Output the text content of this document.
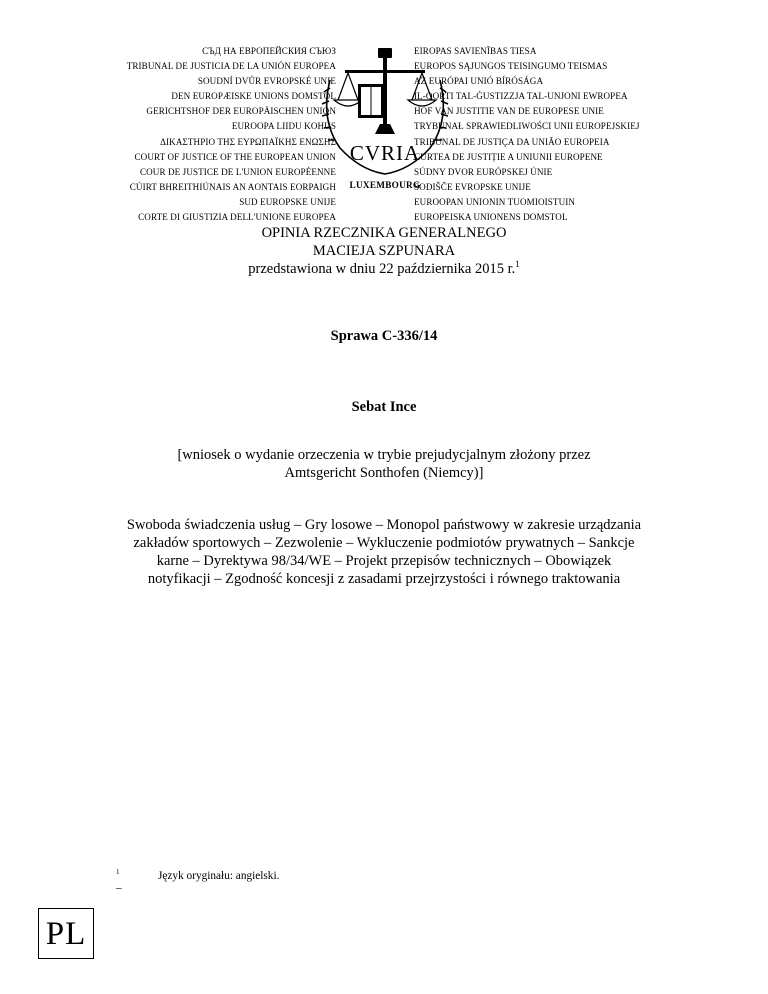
СЪД НА ЕВРОПЕЙСКИЯ СЪЮЗ
TRIBUNAL DE JUSTICIA DE LA UNIÓN EUROPEA
SOUDNÍ DVŮR EVROPSKÉ UNIE
DEN EUROPÆISKE UNIONS DOMSTOL
GERICHTSHOF DER EUROPÄISCHEN UNION
EUROOPA LIIDU KOHUS
ΔΙΚΑΣΤΗΡΙΟ ΤΗΣ ΕΥΡΩΠΑΪΚΗΣ ΕΝΩΣΗΣ
COURT OF JUSTICE OF THE EUROPEAN UNION
COUR DE JUSTICE DE L'UNION EUROPÉENNE
CÚIRT BHREITHIÚNAIS AN AONTAIS EORPAIGH
SUD EUROPSKE UNIJE
CORTE DI GIUSTIZIA DELL'UNIONE EUROPEA
CVRIA
LUXEMBOURG
EIROPAS SAVIENĪBAS TIESA
EUROPOS SĄJUNGOS TEISINGUMO TEISMAS
AZ EURÓPAI UNIÓ BÍRÓSÁGA
IL-QORTI TAL-ĠUSTIZZJA TAL-UNJONI EWROPEA
HOF VAN JUSTITIE VAN DE EUROPESE UNIE
TRYBUNAŁ SPRAWIEDLIWOŚCI UNII EUROPEJSKIEJ
TRIBUNAL DE JUSTIÇA DA UNIÃO EUROPEIA
CURTEA DE JUSTIȚIE A UNIUNII EUROPENE
SÚDNY DVOR EURÓPSKEJ ÚNIE
SODIŠČE EVROPSKE UNIJE
EUROOPAN UNIONIN TUOMIOISTUIN
EUROPEISKA UNIONENS DOMSTOL
OPINIA RZECZNIKA GENERALNEGO
MACIEJA SZPUNARA
przedstawiona w dniu 22 października 2015 r.$^1$
Sprawa C-336/14
Sebat Ince
[wniosek o wydanie orzeczenia w trybie prejudycjalnym złożony przez
Amtsgericht Sonthofen (Niemcy)]
Swoboda świadczenia usług – Gry losowe – Monopol państwowy w zakresie urządzania zakładów sportowych – Zezwolenie – Wykluczenie podmiotów prywatnych – Sankcje karne – Dyrektywa 98/34/WE – Projekt przepisów technicznych – Obowiązek notyfikacji – Zgodność koncesji z zasadami przejrzystości i równego traktowania
$^1$ –
Język oryginału: angielski.
PL
